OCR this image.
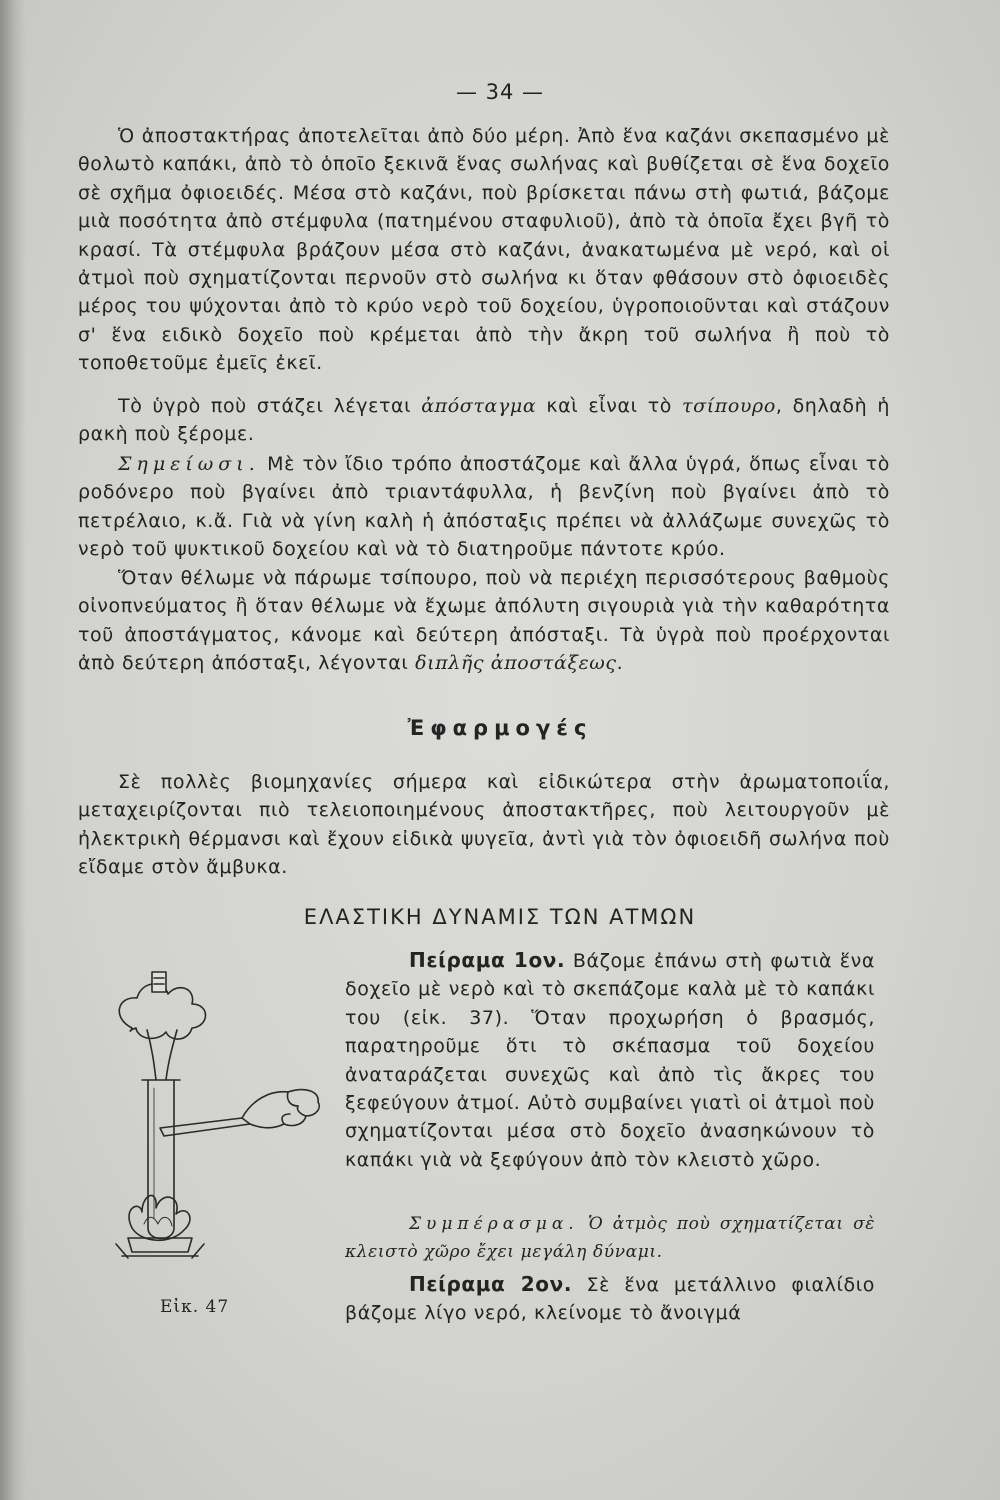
— 34 —

Ὁ ἀποστακτήρας ἀποτελεῖται ἀπὸ δύο μέρη. Ἀπὸ ἕνα καζάνι σκεπασμένο μὲ θολωτὸ καπάκι, ἀπὸ τὸ ὁποῖο ξεκινᾶ ἕνας σωλήνας καὶ βυθίζεται σὲ ἕνα δοχεῖο σὲ σχῆμα ὀφιοειδές. Μέσα στὸ καζάνι, ποὺ βρίσκεται πάνω στὴ φωτιά, βάζομε μιὰ ποσότητα ἀπὸ στέμφυλα (πατημένου σταφυλιοῦ), ἀπὸ τὰ ὁποῖα ἔχει βγῆ τὸ κρασί. Τὰ στέμφυλα βράζουν μέσα στὸ καζάνι, ἀνακατωμένα μὲ νερό, καὶ οἱ ἀτμοὶ ποὺ σχηματίζονται περνοῦν στὸ σωλήνα κι ὅταν φθάσουν στὸ ὀφιοειδὲς μέρος του ψύχονται ἀπὸ τὸ κρύο νερὸ τοῦ δοχείου, ὑγροποιοῦνται καὶ στάζουν σ' ἕνα ειδικὸ δοχεῖο ποὺ κρέμεται ἀπὸ τὴν ἄκρη τοῦ σωλήνα ἢ ποὺ τὸ τοποθετοῦμε ἐμεῖς ἐκεῖ.

Τὸ ὑγρὸ ποὺ στάζει λέγεται ἀπόσταγμα καὶ εἶναι τὸ τσίπουρο, δηλαδὴ ἡ ρακὴ ποὺ ξέρομε.

Σημείωσι. Μὲ τὸν ἴδιο τρόπο ἀποστάζομε καὶ ἄλλα ὑγρά, ὅπως εἶναι τὸ ροδόνερο ποὺ βγαίνει ἀπὸ τριαντάφυλλα, ἡ βενζίνη ποὺ βγαίνει ἀπὸ τὸ πετρέλαιο, κ.ἄ. Γιὰ νὰ γίνη καλὴ ἡ ἀπόσταξις πρέπει νὰ ἀλλάζωμε συνεχῶς τὸ νερὸ τοῦ ψυκτικοῦ δοχείου καὶ νὰ τὸ διατηροῦμε πάντοτε κρύο.

Ὅταν θέλωμε νὰ πάρωμε τσίπουρο, ποὺ νὰ περιέχη περισσότερους βαθμοὺς οἰνοπνεύματος ἢ ὅταν θέλωμε νὰ ἔχωμε ἀπόλυτη σιγουριὰ γιὰ τὴν καθαρότητα τοῦ ἀποστάγματος, κάνομε καὶ δεύτερη ἀπόσταξι. Τὰ ὑγρὰ ποὺ προέρχονται ἀπὸ δεύτερη ἀπόσταξι, λέγονται διπλῆς ἀποστάξεως.

Ἐφαρμογές

Σὲ πολλὲς βιομηχανίες σήμερα καὶ εἰδικώτερα στὴν ἀρωματοποιΐα, μεταχειρίζονται πιὸ τελειοποιημένους ἀποστακτῆρες, ποὺ λειτουργοῦν μὲ ἠλεκτρικὴ θέρμανσι καὶ ἔχουν εἰδικὰ ψυγεῖα, ἀντὶ γιὰ τὸν ὀφιοειδῆ σωλήνα ποὺ εἴδαμε στὸν ἄμβυκα.

ΕΛΑΣΤΙΚΗ ΔΥΝΑΜΙΣ ΤΩΝ ΑΤΜΩΝ

Πείραμα 1ον. Βάζομε ἐπάνω στὴ φωτιὰ ἕνα δοχεῖο μὲ νερὸ καὶ τὸ σκεπάζομε καλὰ μὲ τὸ καπάκι του (εἰκ. 37). Ὅταν προχωρήση ὁ βρασμός, παρατηροῦμε ὅτι τὸ σκέπασμα τοῦ δοχείου ἀναταράζεται συνεχῶς καὶ ἀπὸ τὶς ἄκρες του ξεφεύγουν ἀτμοί. Αὐτὸ συμβαίνει γιατὶ οἱ ἀτμοὶ ποὺ σχηματίζονται μέσα στὸ δοχεῖο ἀνασηκώνουν τὸ καπάκι γιὰ νὰ ξεφύγουν ἀπὸ τὸν κλειστὸ χῶρο.

Συμπέρασμα. Ὁ ἀτμὸς ποὺ σχηματίζεται σὲ κλειστὸ χῶρο ἔχει μεγάλη δύναμι.

Πείραμα 2ον. Σὲ ἕνα μετάλλινο φιαλίδιο βάζομε λίγο νερό, κλείνομε τὸ ἄνοιγμά

Εἰκ. 47
